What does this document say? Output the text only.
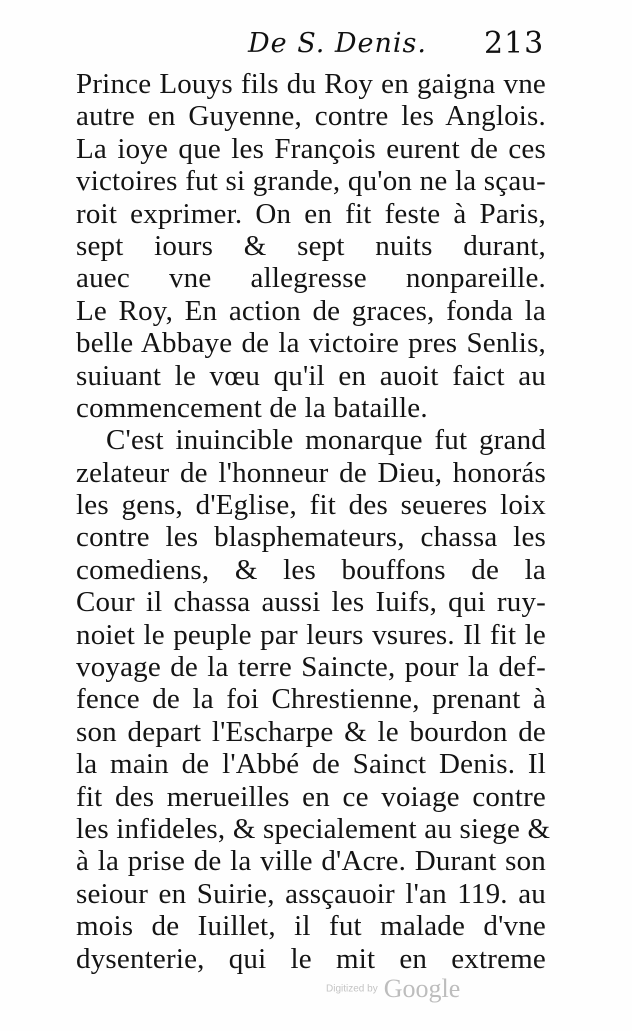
De S. Denis. 213
Prince Louys fils du Roy en gaigna vne
autre en Guyenne, contre les Anglois.
La ioye que les François eurent de ces
victoires fut si grande, qu'on ne la sçau-
roit exprimer. On en fit feste à Paris,
sept iours & sept nuits durant,
auec vne allegresse nonpareille.
Le Roy, En action de graces, fonda la
belle Abbaye de la victoire pres Senlis,
suiuant le vœu qu'il en auoit faict au
commencement de la bataille.
C'est inuincible monarque fut grand
zelateur de l'honneur de Dieu, honorás
les gens, d'Eglise, fit des seueres loix
contre les blasphemateurs, chassa les
comediens, & les bouffons de la
Cour il chassa aussi les Iuifs, qui ruy-
noiet le peuple par leurs vsures. Il fit le
voyage de la terre Saincte, pour la def-
fence de la foi Chrestienne, prenant à
son depart l'Escharpe & le bourdon de
la main de l'Abbé de Sainct Denis. Il
fit des merueilles en ce voiage contre
les infideles, & specialement au siege &
à la prise de la ville d'Acre. Durant son
seiour en Suirie, assçauoir l'an 119. au
mois de Iuillet, il fut malade d'vne
dysenterie, qui le mit en extreme
Digitized by Google
